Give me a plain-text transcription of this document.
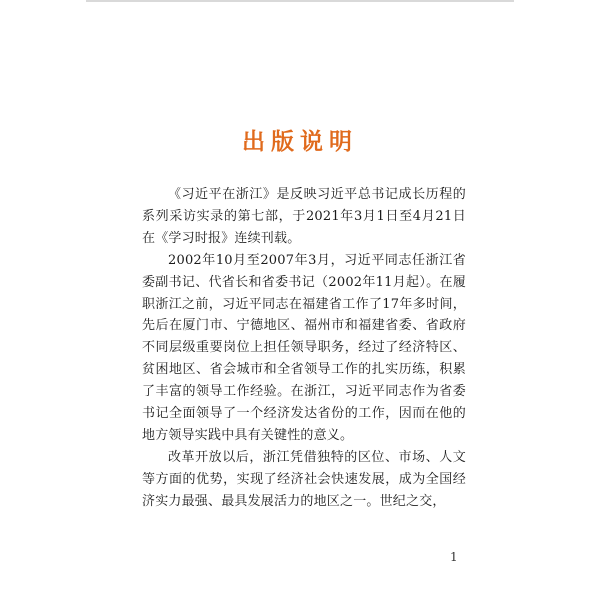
出版说明

《习近平在浙江》是反映习近平总书记成长历程的系列采访实录的第七部，于2021年3月1日至4月21日在《学习时报》连续刊载。

2002年10月至2007年3月，习近平同志任浙江省委副书记、代省长和省委书记（2002年11月起）。在履职浙江之前，习近平同志在福建省工作了17年多时间，先后在厦门市、宁德地区、福州市和福建省委、省政府不同层级重要岗位上担任领导职务，经过了经济特区、贫困地区、省会城市和全省领导工作的扎实历练，积累了丰富的领导工作经验。在浙江，习近平同志作为省委书记全面领导了一个经济发达省份的工作，因而在他的地方领导实践中具有关键性的意义。

改革开放以后，浙江凭借独特的区位、市场、人文等方面的优势，实现了经济社会快速发展，成为全国经济实力最强、最具发展活力的地区之一。世纪之交，

1
